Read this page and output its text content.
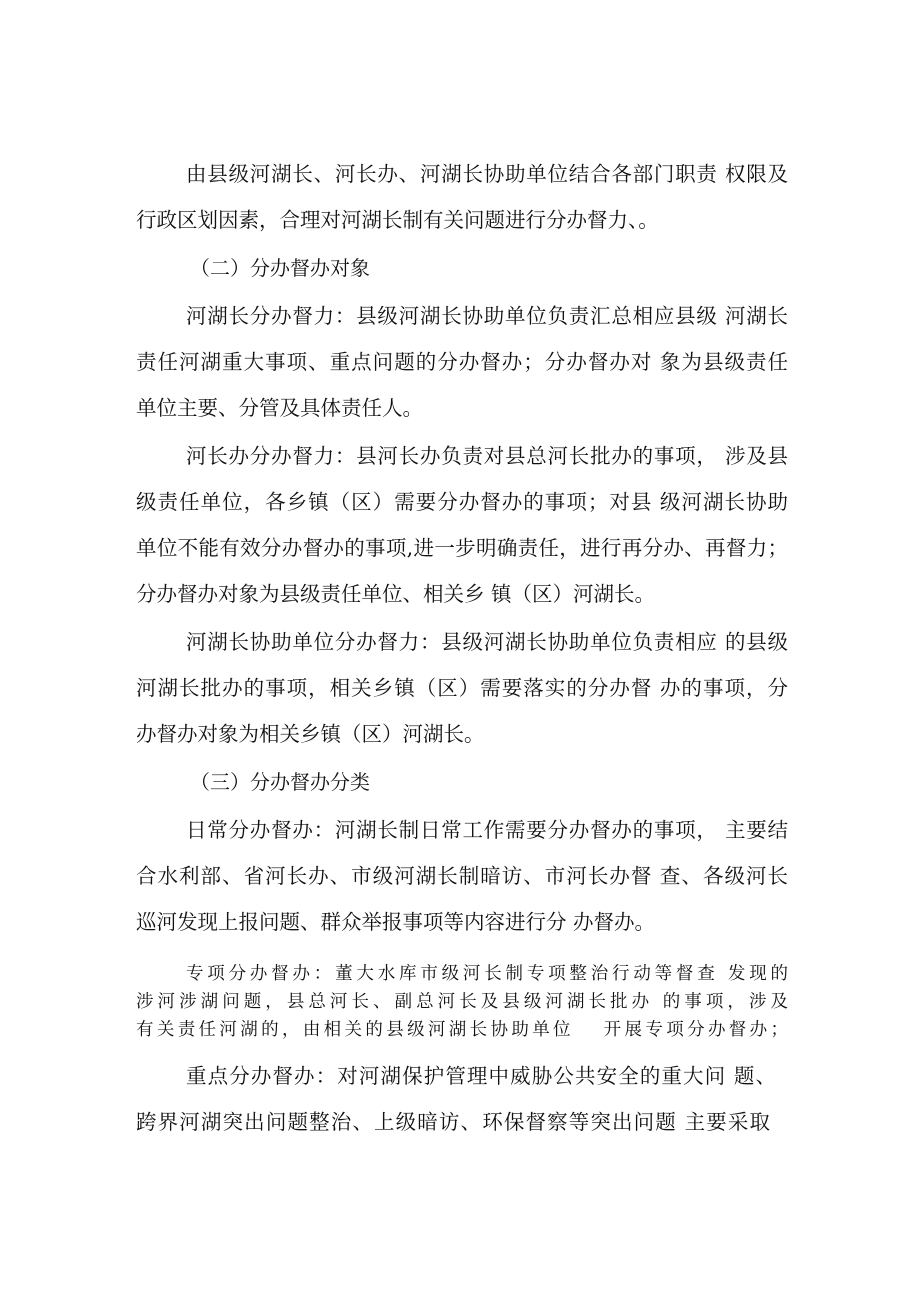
由县级河湖长、河长办、河湖长协助单位结合各部门职责 权限及
行政区划因素，合理对河湖长制有关问题进行分办督力、。
（二）分办督办对象
河湖长分办督力：县级河湖长协助单位负责汇总相应县级 河湖长
责任河湖重大事项、重点问题的分办督办；分办督办对 象为县级责任
单位主要、分管及具体责任人。
河长办分办督力：县河长办负责对县总河长批办的事项， 涉及县
级责任单位，各乡镇（区）需要分办督办的事项；对县 级河湖长协助
单位不能有效分办督办的事项,进一步明确责任，进行再分办、再督力；
分办督办对象为县级责任单位、相关乡 镇（区）河湖长。
河湖长协助单位分办督力：县级河湖长协助单位负责相应 的县级
河湖长批办的事项，相关乡镇（区）需要落实的分办督 办的事项，分
办督办对象为相关乡镇（区）河湖长。
（三）分办督办分类
日常分办督办：河湖长制日常工作需要分办督办的事项， 主要结
合水利部、省河长办、市级河湖长制暗访、市河长办督 查、各级河长
巡河发现上报问题、群众举报事项等内容进行分 办督办。
专项分办督办：董大水库市级河长制专项整治行动等督查 发现的
涉河涉湖问题，县总河长、副总河长及县级河湖长批办 的事项，涉及
有关责任河湖的，由相关的县级河湖长协助单位　 开展专项分办督办；
重点分办督办：对河湖保护管理中威胁公共安全的重大问 题、
跨界河湖突出问题整治、上级暗访、环保督察等突出问题 主要采取
